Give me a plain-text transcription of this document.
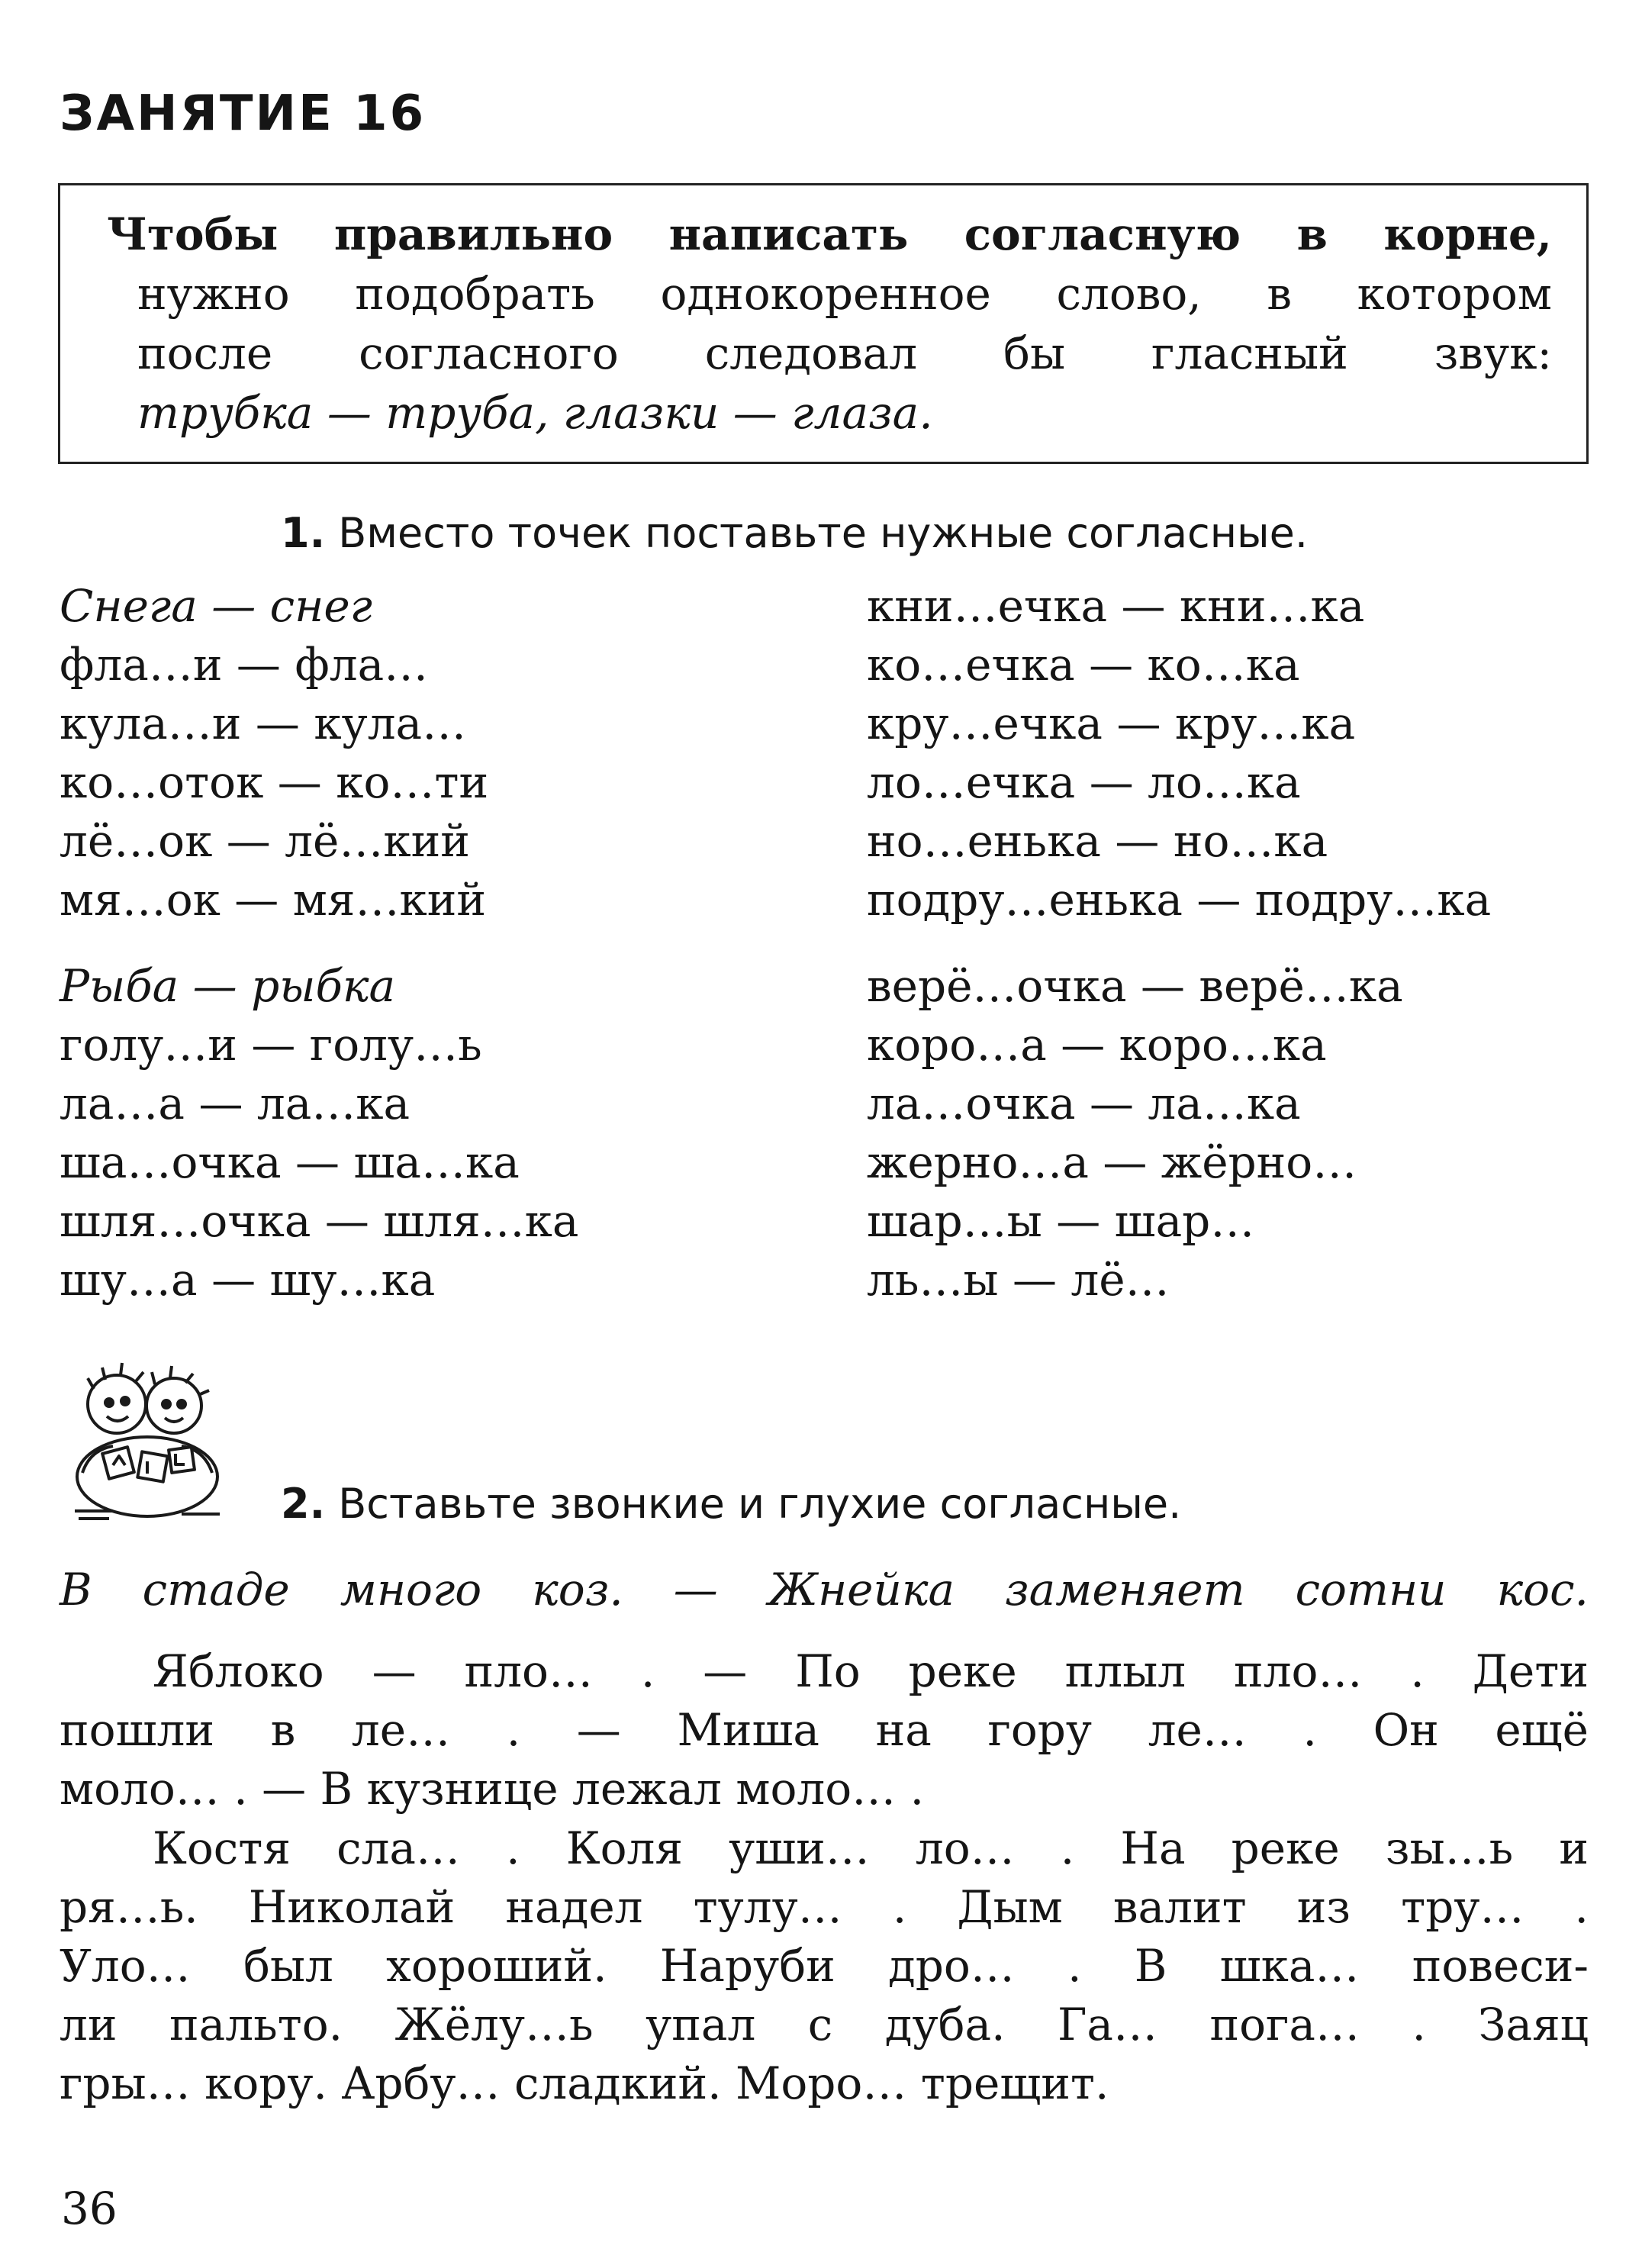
ЗАНЯТИЕ 16
Чтобы правильно написать согласную в корне,
нужно подобрать однокоренное слово, в котором
после согласного следовал бы гласный звук:
трубка — труба, глазки — глаза.
1. Вместо точек поставьте нужные согласные.
Снега — снег
фла…и — фла…
кула…и — кула…
ко…оток — ко…ти
лё…ок — лё…кий
мя…ок — мя…кий
Рыба — рыбка
голу…и — голу…ь
ла…а — ла…ка
ша…очка — ша…ка
шля…очка — шля…ка
шу…а — шу…ка
кни…ечка — кни…ка
ко…ечка — ко…ка
кру…ечка — кру…ка
ло…ечка — ло…ка
но…енька — но…ка
подру…енька — подру…ка
верё…очка — верё…ка
коро…а — коро…ка
ла…очка — ла…ка
жерно…а — жёрно…
шар…ы — шар…
ль…ы — лё…
2. Вставьте звонкие и глухие согласные.
В стаде много коз. — Жнейка заменяет сотни кос.
Яблоко — пло… . — По реке плыл пло… . Дети
пошли в ле… . — Миша на гору ле… . Он ещё
моло… . — В кузнице лежал моло… .
Костя сла… . Коля уши… ло… . На реке зы…ь и
ря…ь. Николай надел тулу… . Дым валит из тру… .
Уло… был хороший. Наруби дро… . В шка… повеси-
ли пальто. Жёлу…ь упал с дуба. Га… пога… . Заяц
гры… кору. Арбу… сладкий. Моро… трещит.
36
